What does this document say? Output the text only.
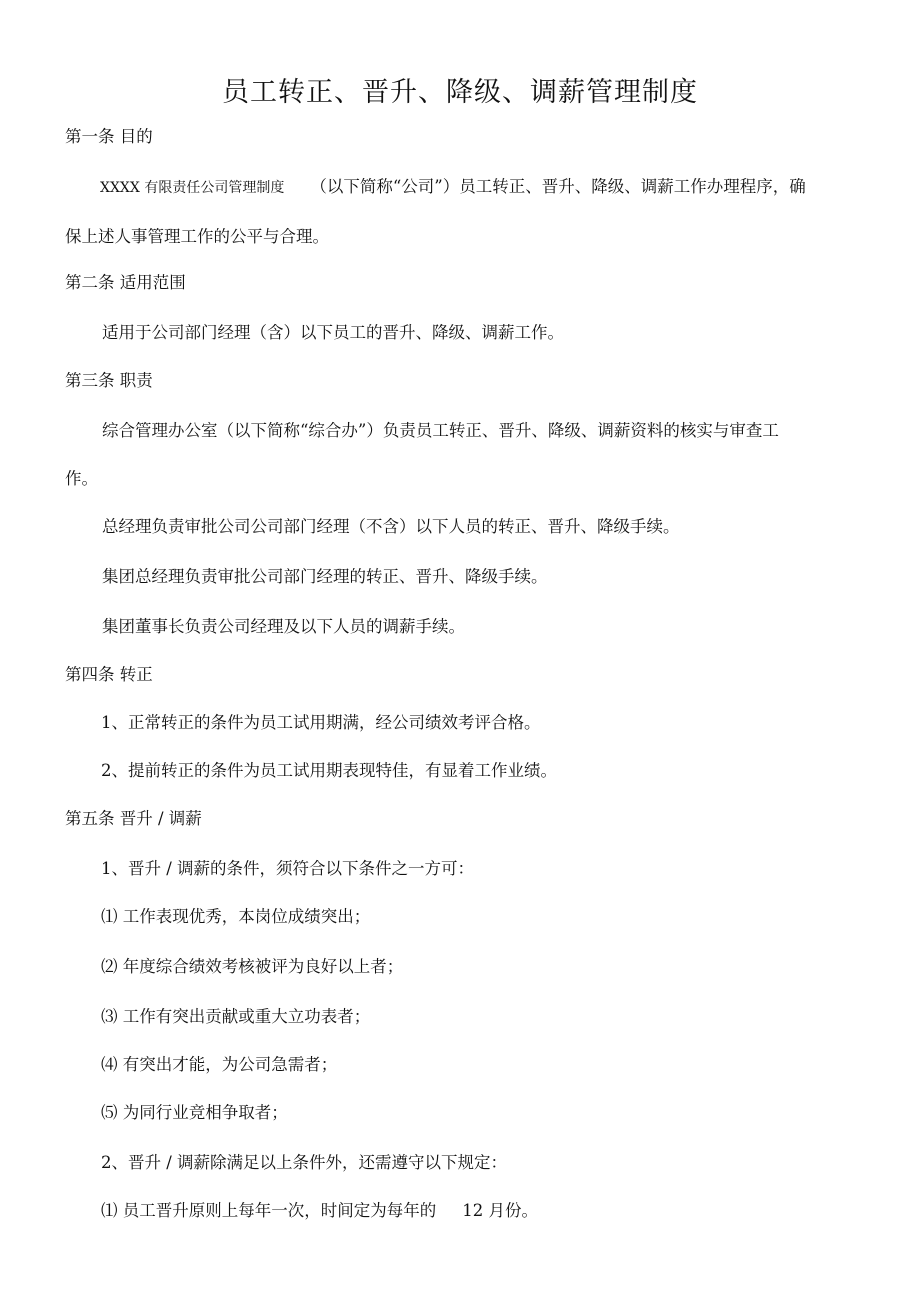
员工转正、晋升、降级、调薪管理制度
第一条 目的
XXXX 有限责任公司管理制度 （以下简称“公司”）员工转正、晋升、降级、调薪工作办理程序，确
保上述人事管理工作的公平与合理。
第二条 适用范围
适用于公司部门经理（含）以下员工的晋升、降级、调薪工作。
第三条 职责
综合管理办公室（以下简称“综合办”）负责员工转正、晋升、降级、调薪资料的核实与审查工
作。
总经理负责审批公司公司部门经理（不含）以下人员的转正、晋升、降级手续。
集团总经理负责审批公司部门经理的转正、晋升、降级手续。
集团董事长负责公司经理及以下人员的调薪手续。
第四条 转正
1、正常转正的条件为员工试用期满，经公司绩效考评合格。
2、提前转正的条件为员工试用期表现特佳，有显着工作业绩。
第五条 晋升 / 调薪
1、晋升 / 调薪的条件，须符合以下条件之一方可：
⑴ 工作表现优秀，本岗位成绩突出；
⑵ 年度综合绩效考核被评为良好以上者；
⑶ 工作有突出贡献或重大立功表者；
⑷ 有突出才能，为公司急需者；
⑸ 为同行业竞相争取者；
2、晋升 / 调薪除满足以上条件外，还需遵守以下规定：
⑴ 员工晋升原则上每年一次，时间定为每年的 12 月份。
